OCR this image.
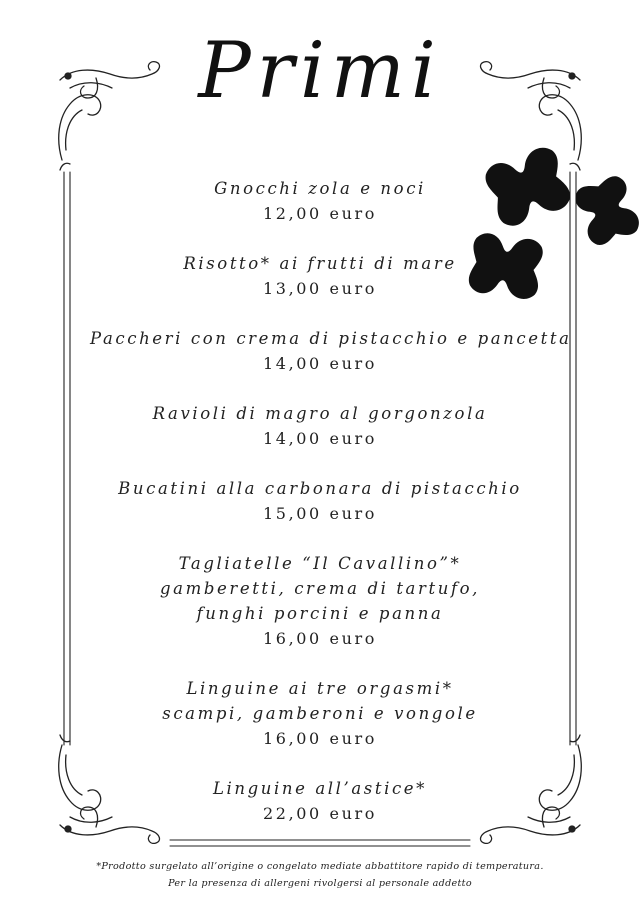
Primi
Gnocchi zola e noci
12,00 euro
Risotto* ai frutti di mare
13,00 euro
Paccheri con crema di pistacchio e pancetta
14,00 euro
Ravioli di magro al gorgonzola
14,00 euro
Bucatini alla carbonara di pistacchio
15,00 euro
Tagliatelle “Il Cavallino”*
gamberetti, crema di tartufo,
funghi porcini e panna
16,00 euro
Linguine ai tre orgasmi*
scampi, gamberoni e vongole
16,00 euro
Linguine all’astice*
22,00 euro
*Prodotto surgelato all’origine o congelato mediate abbattitore rapido di temperatura.
Per la presenza di allergeni rivolgersi al personale addetto
